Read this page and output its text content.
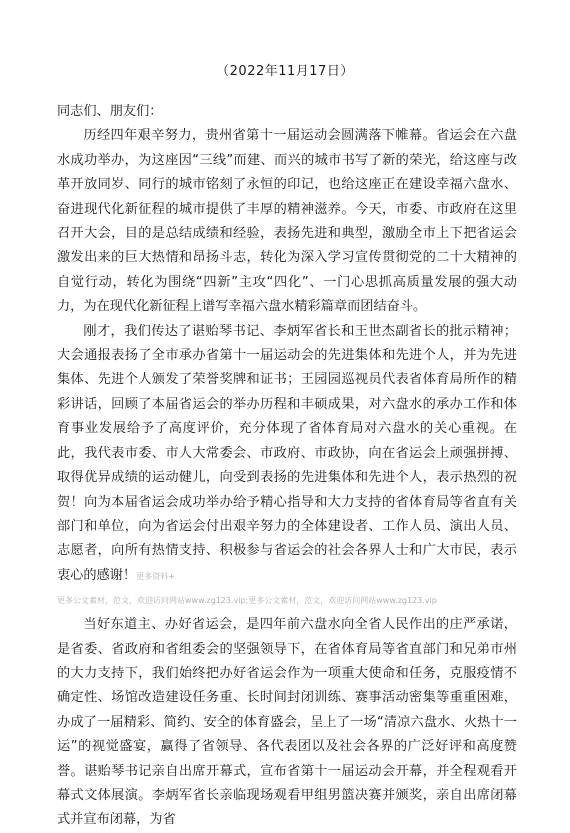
（2022年11月17日）

同志们、朋友们：

历经四年艰辛努力，贵州省第十一届运动会圆满落下帷幕。省运会在六盘水成功举办，为这座因“三线”而建、而兴的城市书写了新的荣光，给这座与改革开放同岁、同行的城市铭刻了永恒的印记，也给这座正在建设幸福六盘水、奋进现代化新征程的城市提供了丰厚的精神滋养。今天，市委、市政府在这里召开大会，目的是总结成绩和经验，表扬先进和典型，激励全市上下把省运会激发出来的巨大热情和昂扬斗志，转化为深入学习宣传贯彻党的二十大精神的自觉行动，转化为围绕“四新”主攻“四化”、一门心思抓高质量发展的强大动力，为在现代化新征程上谱写幸福六盘水精彩篇章而团结奋斗。

刚才，我们传达了谌贻琴书记、李炳军省长和王世杰副省长的批示精神；大会通报表扬了全市承办省第十一届运动会的先进集体和先进个人，并为先进集体、先进个人颁发了荣誉奖牌和证书；王园园巡视员代表省体育局所作的精彩讲话，回顾了本届省运会的举办历程和丰硕成果，对六盘水的承办工作和体育事业发展给予了高度评价，充分体现了省体育局对六盘水的关心重视。在此，我代表市委、市人大常委会、市政府、市政协，向在省运会上顽强拼搏、取得优异成绩的运动健儿，向受到表扬的先进集体和先进个人，表示热烈的祝贺！向为本届省运会成功举办给予精心指导和大力支持的省体育局等省直有关部门和单位，向为省运会付出艰辛努力的全体建设者、工作人员、演出人员、志愿者，向所有热情支持、积极参与省运会的社会各界人士和广大市民，表示衷心的感谢！更多资料+

更多公文素材，范文，欢迎访问网站www.zg123.vip;更多公文素材，范文，欢迎访问网站www.zg123.vip

当好东道主、办好省运会，是四年前六盘水向全省人民作出的庄严承诺，是省委、省政府和省组委会的坚强领导下，在省体育局等省直部门和兄弟市州的大力支持下，我们始终把办好省运会作为一项重大使命和任务，克服疫情不确定性、场馆改造建设任务重、长时间封闭训练、赛事活动密集等重重困难，办成了一届精彩、简约、安全的体育盛会，呈上了一场“清凉六盘水、火热十一运”的视觉盛宴，赢得了省领导、各代表团以及社会各界的广泛好评和高度赞誉。谌贻琴书记亲自出席开幕式，宣布省第十一届运动会开幕，并全程观看开幕式文体展演。李炳军省长亲临现场观看甲组男篮决赛并颁奖，亲自出席闭幕式并宣布闭幕，为省
